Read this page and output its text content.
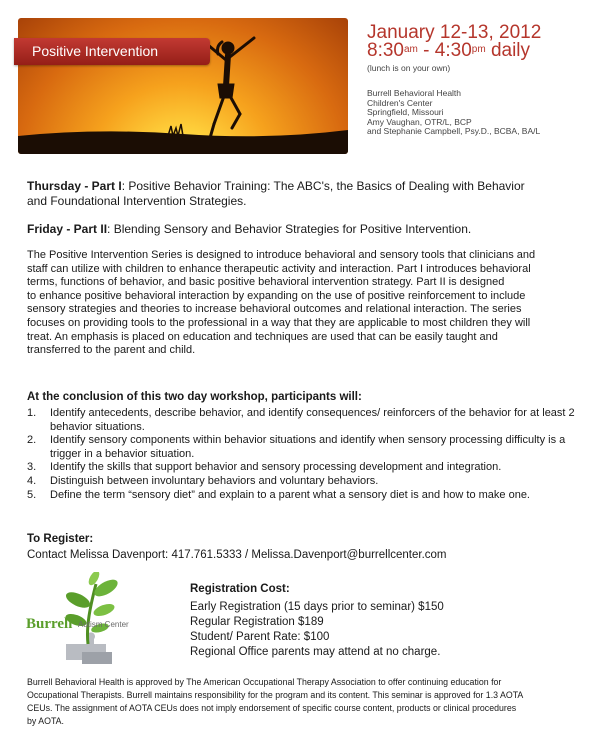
Positive Intervention
January 12-13, 2012
$8:30^{am}$ - $4:30^{pm}$ daily
(lunch is on your own)
Burrell Behavioral Health
Children's Center
Springfield, Missouri
Amy Vaughan, OTR/L, BCP
and Stephanie Campbell, Psy.D., BCBA, BA/L
Thursday - Part I: Positive Behavior Training: The ABC's, the Basics of Dealing with Behavior
and Foundational Intervention Strategies.
Friday - Part II: Blending Sensory and Behavior Strategies for Positive Intervention.
The Positive Intervention Series is designed to introduce behavioral and sensory tools that clinicians and
staff can utilize with children to enhance therapeutic activity and interaction. Part I introduces behavioral
terms, functions of behavior, and basic positive behavioral intervention strategy. Part II is designed
to enhance positive behavioral interaction by expanding on the use of positive reinforcement to include
sensory strategies and theories to increase behavioral outcomes and relational interaction. The series
focuses on providing tools to the professional in a way that they are applicable to most children they will
treat. An emphasis is placed on education and techniques are used that can be easily taught and
transferred to the parent and child.
At the conclusion of this two day workshop, participants will:
1.	Identify antecedents, describe behavior, and identify consequences/ reinforcers of the behavior for at least 2 behavior situations.
2.	Identify sensory components within behavior situations and identify when sensory processing difficulty is a trigger in a behavior situation.
3.	Identify the skills that support behavior and sensory processing development and integration.
4.	Distinguish between involuntary behaviors and voluntary behaviors.
5.	Define the term “sensory diet” and explain to a parent what a sensory diet is and how to make one.
To Register:
Contact Melissa Davenport: 417.761.5333 / Melissa.Davenport@burrellcenter.com
Burrell Autism Center
Registration Cost:
Early Registration (15 days prior to seminar) $150
Regular Registration $189
Student/ Parent Rate: $100
Regional Office parents may attend at no charge.
Burrell Behavioral Health is approved by The American Occupational Therapy Association to offer continuing education for
Occupational Therapists. Burrell maintains responsibility for the program and its content. This seminar is approved for 1.3 AOTA
CEUs. The assignment of AOTA CEUs does not imply endorsement of specific course content, products or clinical procedures
by AOTA.
